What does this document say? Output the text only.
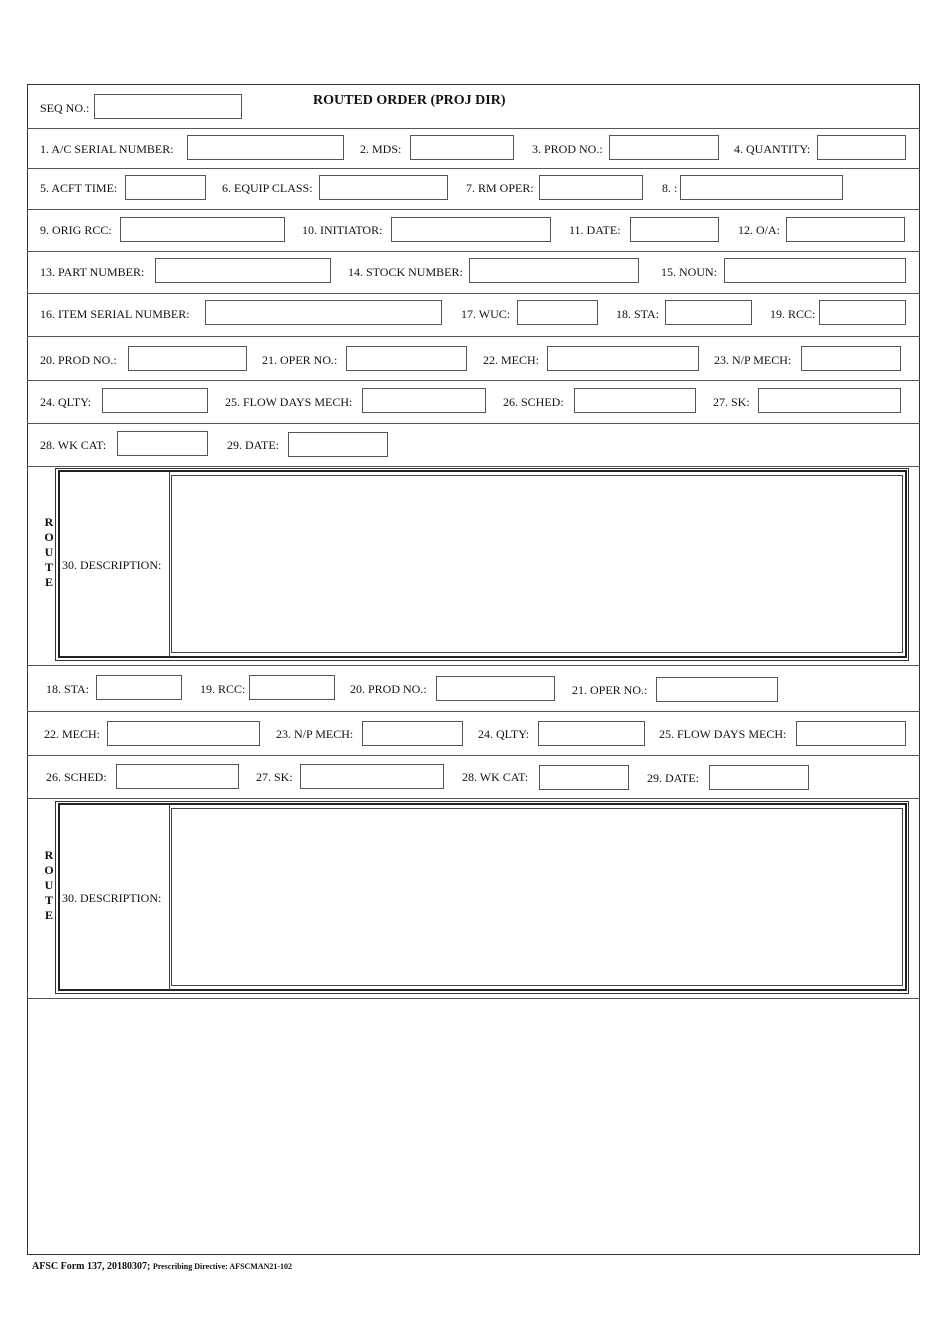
SEQ NO.:	ROUTED ORDER (PROJ DIR)
1. A/C SERIAL NUMBER:	2. MDS:	3. PROD NO.:	4. QUANTITY:
5. ACFT TIME:	6. EQUIP CLASS:	7. RM OPER:	8. :
9. ORIG RCC:	10. INITIATOR:	11. DATE:	12. O/A:
13. PART NUMBER:	14. STOCK NUMBER:	15. NOUN:
16. ITEM SERIAL NUMBER:	17. WUC:	18. STA:	19. RCC:
20. PROD NO.:	21. OPER NO.:	22. MECH:	23. N/P MECH:
24. QLTY:	25. FLOW DAYS MECH:	26. SCHED:	27. SK:
28. WK CAT:	29. DATE:
R
O
U
T
E
30. DESCRIPTION:
18. STA:	19. RCC:	20. PROD NO.:	21. OPER NO.:
22. MECH:	23. N/P MECH:	24. QLTY:	25. FLOW DAYS MECH:
26. SCHED:	27. SK:	28. WK CAT:	29. DATE:
R
O
U
T
E
30. DESCRIPTION:
AFSC Form 137, 20180307; Prescribing Directive: AFSCMAN21-102
